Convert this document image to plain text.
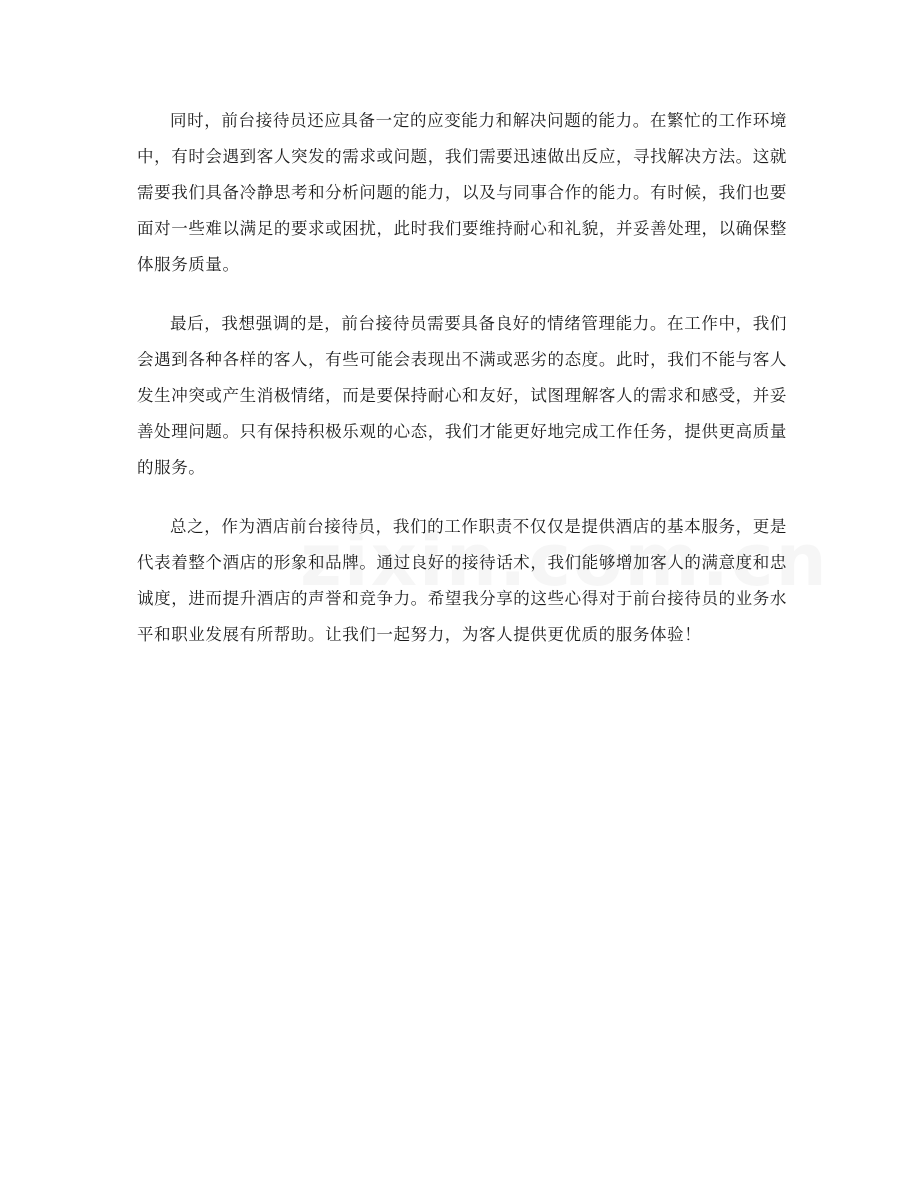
同时，前台接待员还应具备一定的应变能力和解决问题的能力。在繁忙的工作环境中，有时会遇到客人突发的需求或问题，我们需要迅速做出反应，寻找解决方法。这就需要我们具备冷静思考和分析问题的能力，以及与同事合作的能力。有时候，我们也要面对一些难以满足的要求或困扰，此时我们要维持耐心和礼貌，并妥善处理，以确保整体服务质量。

最后，我想强调的是，前台接待员需要具备良好的情绪管理能力。在工作中，我们会遇到各种各样的客人，有些可能会表现出不满或恶劣的态度。此时，我们不能与客人发生冲突或产生消极情绪，而是要保持耐心和友好，试图理解客人的需求和感受，并妥善处理问题。只有保持积极乐观的心态，我们才能更好地完成工作任务，提供更高质量的服务。

总之，作为酒店前台接待员，我们的工作职责不仅仅是提供酒店的基本服务，更是代表着整个酒店的形象和品牌。通过良好的接待话术，我们能够增加客人的满意度和忠诚度，进而提升酒店的声誉和竞争力。希望我分享的这些心得对于前台接待员的业务水平和职业发展有所帮助。让我们一起努力，为客人提供更优质的服务体验！
